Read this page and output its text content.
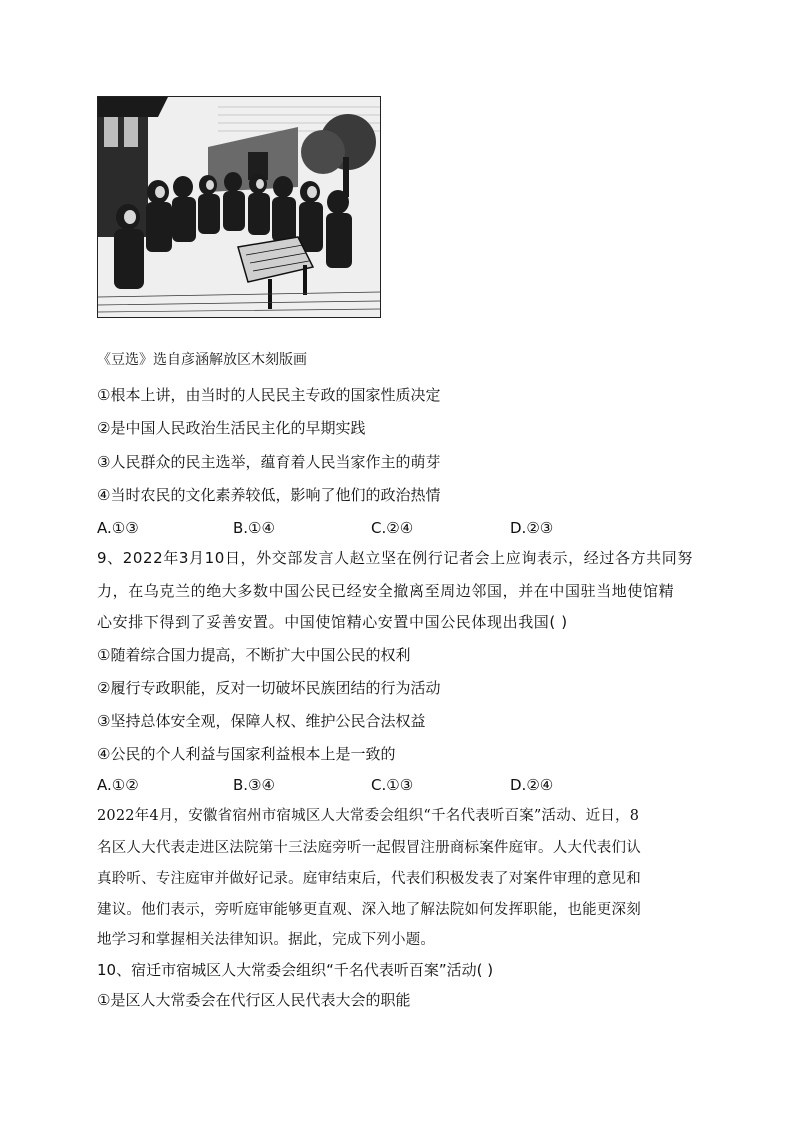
《豆选》选自彦涵解放区木刻版画
①根本上讲，由当时的人民民主专政的国家性质决定
②是中国人民政治生活民主化的早期实践
③人民群众的民主选举，蕴育着人民当家作主的萌芽
④当时农民的文化素养较低，影响了他们的政治热情
A.①③	B.①④	C.②④	D.②③
9、2022年3月10日，外交部发言人赵立坚在例行记者会上应询表示，经过各方共同努
力，在乌克兰的绝大多数中国公民已经安全撤离至周边邻国，并在中国驻当地使馆精
心安排下得到了妥善安置。中国使馆精心安置中国公民体现出我国( )
①随着综合国力提高，不断扩大中国公民的权利
②履行专政职能，反对一切破坏民族团结的行为活动
③坚持总体安全观，保障人权、维护公民合法权益
④公民的个人利益与国家利益根本上是一致的
A.①②	B.③④	C.①③	D.②④
2022年4月，安徽省宿州市宿城区人大常委会组织“千名代表听百案”活动、近日，8
名区人大代表走进区法院第十三法庭旁听一起假冒注册商标案件庭审。人大代表们认
真聆听、专注庭审并做好记录。庭审结束后，代表们积极发表了对案件审理的意见和
建议。他们表示，旁听庭审能够更直观、深入地了解法院如何发挥职能，也能更深刻
地学习和掌握相关法律知识。据此，完成下列小题。
10、宿迁市宿城区人大常委会组织“千名代表听百案”活动( )
①是区人大常委会在代行区人民代表大会的职能
